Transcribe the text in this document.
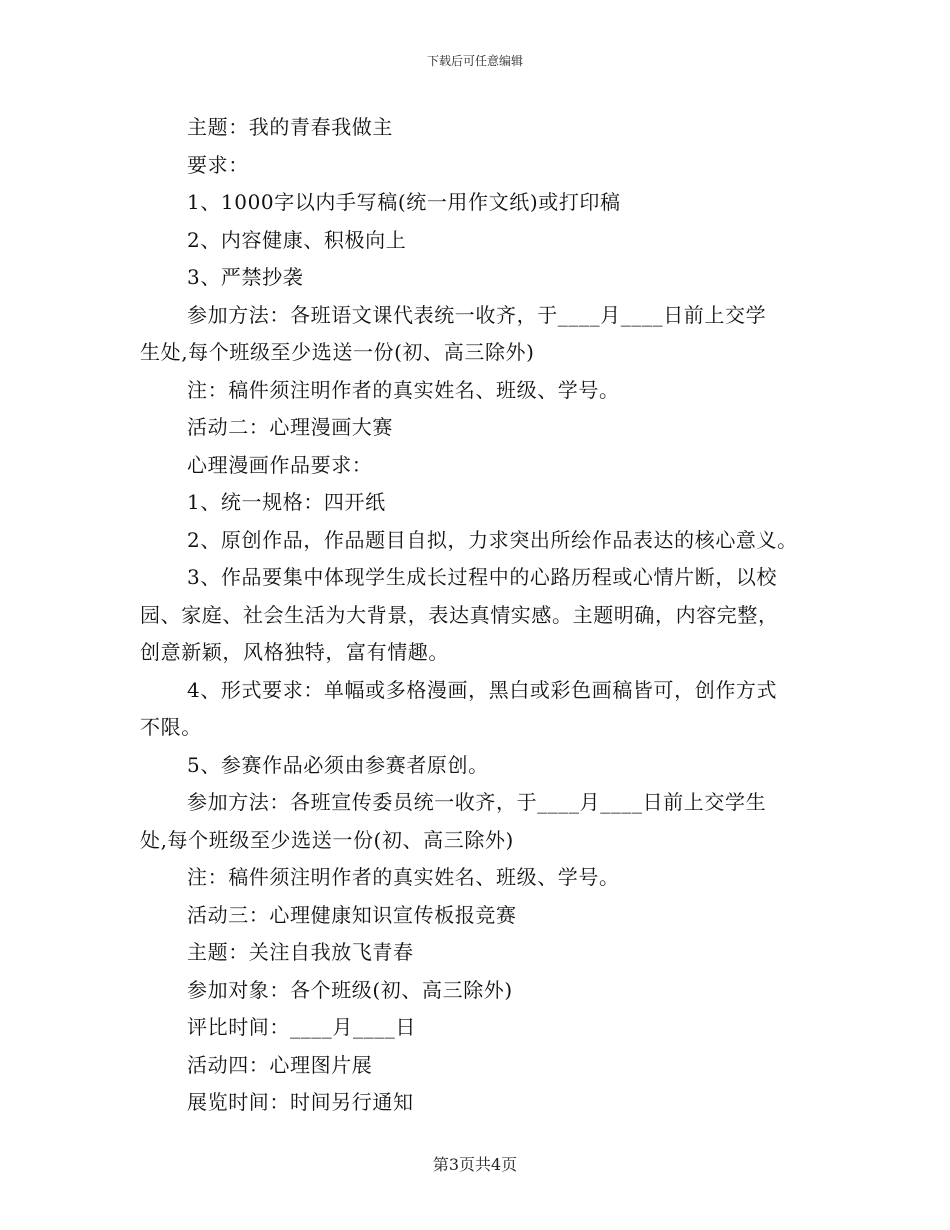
下载后可任意编辑

主题：我的青春我做主

要求：

1、1000字以内手写稿(统一用作文纸)或打印稿

2、内容健康、积极向上

3、严禁抄袭

参加方法：各班语文课代表统一收齐，于____月____日前上交学

生处,每个班级至少选送一份(初、高三除外)

注：稿件须注明作者的真实姓名、班级、学号。

活动二：心理漫画大赛

心理漫画作品要求：

1、统一规格：四开纸

2、原创作品，作品题目自拟，力求突出所绘作品表达的核心意义。

3、作品要集中体现学生成长过程中的心路历程或心情片断，以校

园、家庭、社会生活为大背景，表达真情实感。主题明确，内容完整，

创意新颖，风格独特，富有情趣。

4、形式要求：单幅或多格漫画，黑白或彩色画稿皆可，创作方式

不限。

5、参赛作品必须由参赛者原创。

参加方法：各班宣传委员统一收齐，于____月____日前上交学生

处,每个班级至少选送一份(初、高三除外)

注：稿件须注明作者的真实姓名、班级、学号。

活动三：心理健康知识宣传板报竞赛

主题：关注自我放飞青春

参加对象：各个班级(初、高三除外)

评比时间：____月____日

活动四：心理图片展

展览时间：时间另行通知

第3页共4页
